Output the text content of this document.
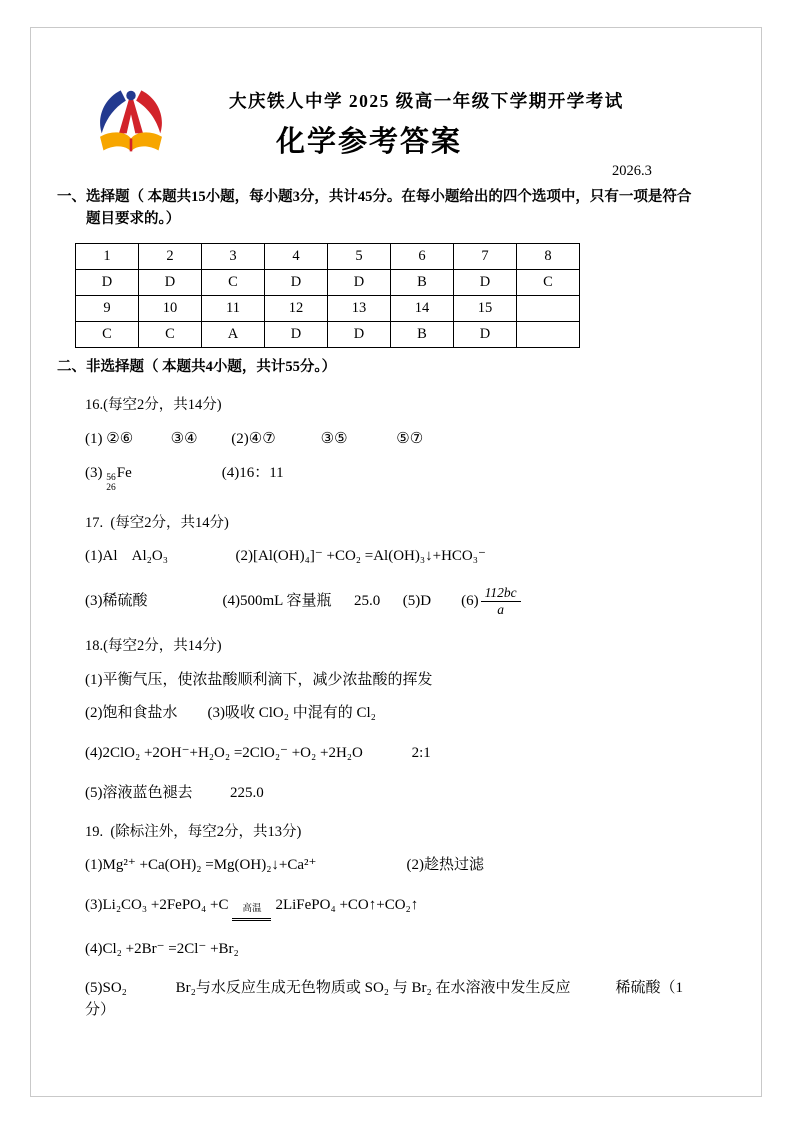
大庆铁人中学 2025 级高一年级下学期开学考试
化学参考答案
2026.3

一、选择题（ 本题共15小题，每小题3分，共计45分。在每小题给出的四个选项中，只有一项是符合题目要求的。）

1	2	3	4	5	6	7	8
D	D	C	D	D	B	D	C
9	10	11	12	13	14	15	
C	C	A	D	D	B	D	

二、非选择题（ 本题共4小题，共计55分。）

16.(每空2分，共14分)

(1) ②⑥          ③④         (2)④⑦            ③⑤             ⑤⑦

(3) 56
26
Fe                        (4)16：11

17.  (每空2分，共14分)

(1)Al    Al₂O₃                  (2)[Al(OH)₄]⁻ +CO₂ =Al(OH)₃↓+HCO₃⁻

(3)稀硫酸                    (4)500mL 容量瓶      25.0      (5)D        $(6) \frac{112bc}{a}$

18.(每空2分，共14分)

(1)平衡气压，使浓盐酸顺利滴下，减少浓盐酸的挥发

(2)饱和食盐水        (3)吸收 ClO₂ 中混有的 Cl₂

(4)2ClO₂ +2OH⁻+H₂O₂ =2ClO₂⁻ +O₂ +2H₂O             2:1

(5)溶液蓝色褪去          225.0

19.  (除标注外，每空2分，共13分)

(1)Mg²⁺ +Ca(OH)₂ =Mg(OH)₂↓+Ca²⁺                        (2)趁热过滤

(3)Li₂CO₃ +2FePO₄ +C	高温 2LiFePO₄ +CO↑+CO₂↑

(4)Cl₂ +2Br⁻ =2Cl⁻ +Br₂

(5)SO₂             Br₂与水反应生成无色物质或 SO₂ 与 Br₂ 在水溶液中发生反应            稀硫酸（1分）
